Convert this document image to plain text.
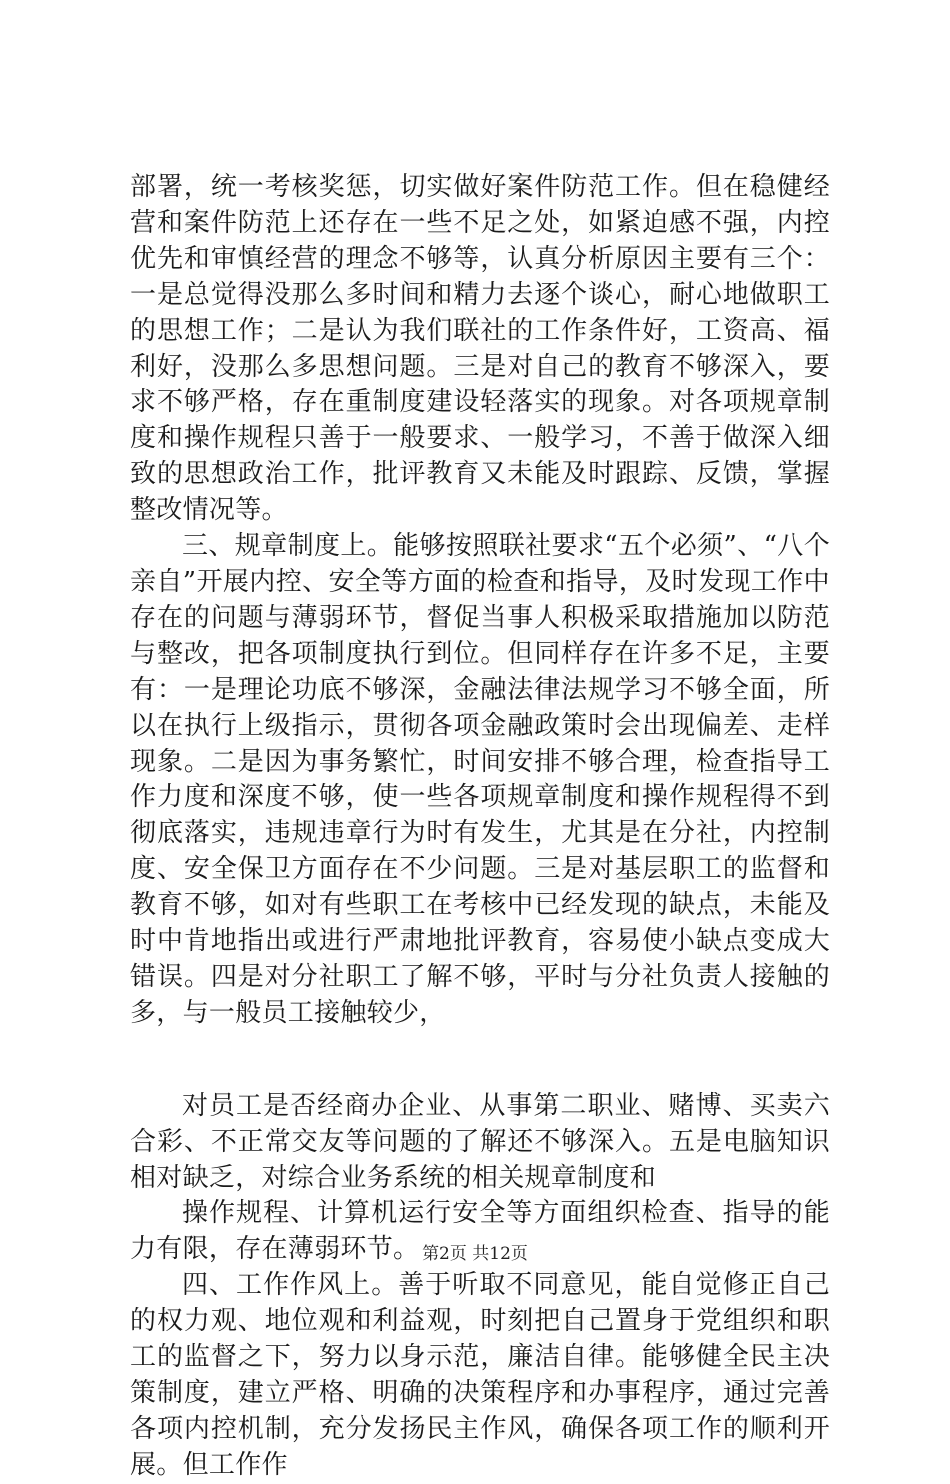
部署，统一考核奖惩，切实做好案件防范工作。但在稳健经营和案件防范上还存在一些不足之处，如紧迫感不强，内控优先和审慎经营的理念不够等，认真分析原因主要有三个：一是总觉得没那么多时间和精力去逐个谈心，耐心地做职工的思想工作；二是认为我们联社的工作条件好，工资高、福利好，没那么多思想问题。三是对自己的教育不够深入，要求不够严格，存在重制度建设轻落实的现象。对各项规章制度和操作规程只善于一般要求、一般学习，不善于做深入细致的思想政治工作，批评教育又未能及时跟踪、反馈，掌握整改情况等。

三、规章制度上。能够按照联社要求“五个必须”、“八个亲自”开展内控、安全等方面的检查和指导，及时发现工作中存在的问题与薄弱环节，督促当事人积极采取措施加以防范与整改，把各项制度执行到位。但同样存在许多不足，主要有：一是理论功底不够深，金融法律法规学习不够全面，所以在执行上级指示，贯彻各项金融政策时会出现偏差、走样现象。二是因为事务繁忙，时间安排不够合理，检查指导工作力度和深度不够，使一些各项规章制度和操作规程得不到彻底落实，违规违章行为时有发生，尤其是在分社，内控制度、安全保卫方面存在不少问题。三是对基层职工的监督和教育不够，如对有些职工在考核中已经发现的缺点，未能及时中肯地指出或进行严肃地批评教育，容易使小缺点变成大错误。四是对分社职工了解不够，平时与分社负责人接触的多，与一般员工接触较少，

对员工是否经商办企业、从事第二职业、赌博、买卖六合彩、不正常交友等问题的了解还不够深入。五是电脑知识相对缺乏，对综合业务系统的相关规章制度和

操作规程、计算机运行安全等方面组织检查、指导的能力有限，存在薄弱环节。

四、工作作风上。善于听取不同意见，能自觉修正自己的权力观、地位观和利益观，时刻把自己置身于党组织和职工的监督之下，努力以身示范，廉洁自律。能够健全民主决策制度，建立严格、明确的决策程序和办事程序，通过完善各项内控机制，充分发扬民主作风，确保各项工作的顺利开展。但工作作

第2页 共12页
